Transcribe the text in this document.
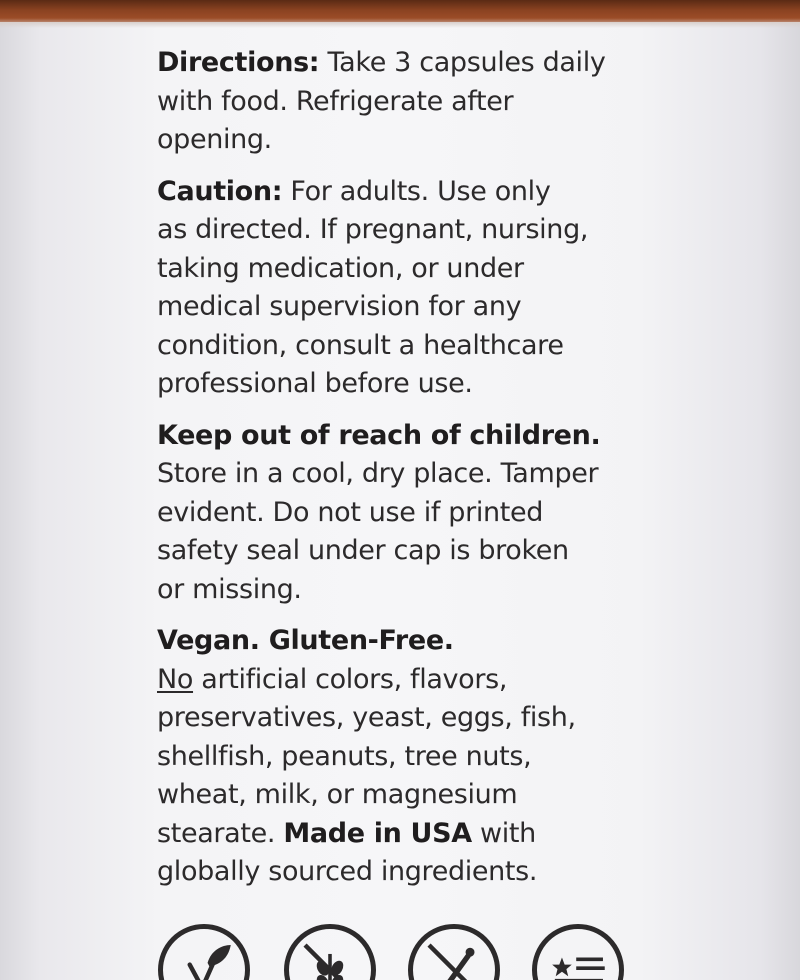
Directions: Take 3 capsules daily
with food. Refrigerate after
opening.

Caution: For adults. Use only
as directed. If pregnant, nursing,
taking medication, or under
medical supervision for any
condition, consult a healthcare
professional before use.

Keep out of reach of children.
Store in a cool, dry place. Tamper
evident. Do not use if printed
safety seal under cap is broken
or missing.

Vegan. Gluten-Free.
No artificial colors, flavors,
preservatives, yeast, eggs, fish,
shellfish, peanuts, tree nuts,
wheat, milk, or magnesium
stearate. Made in USA with
globally sourced ingredients.
